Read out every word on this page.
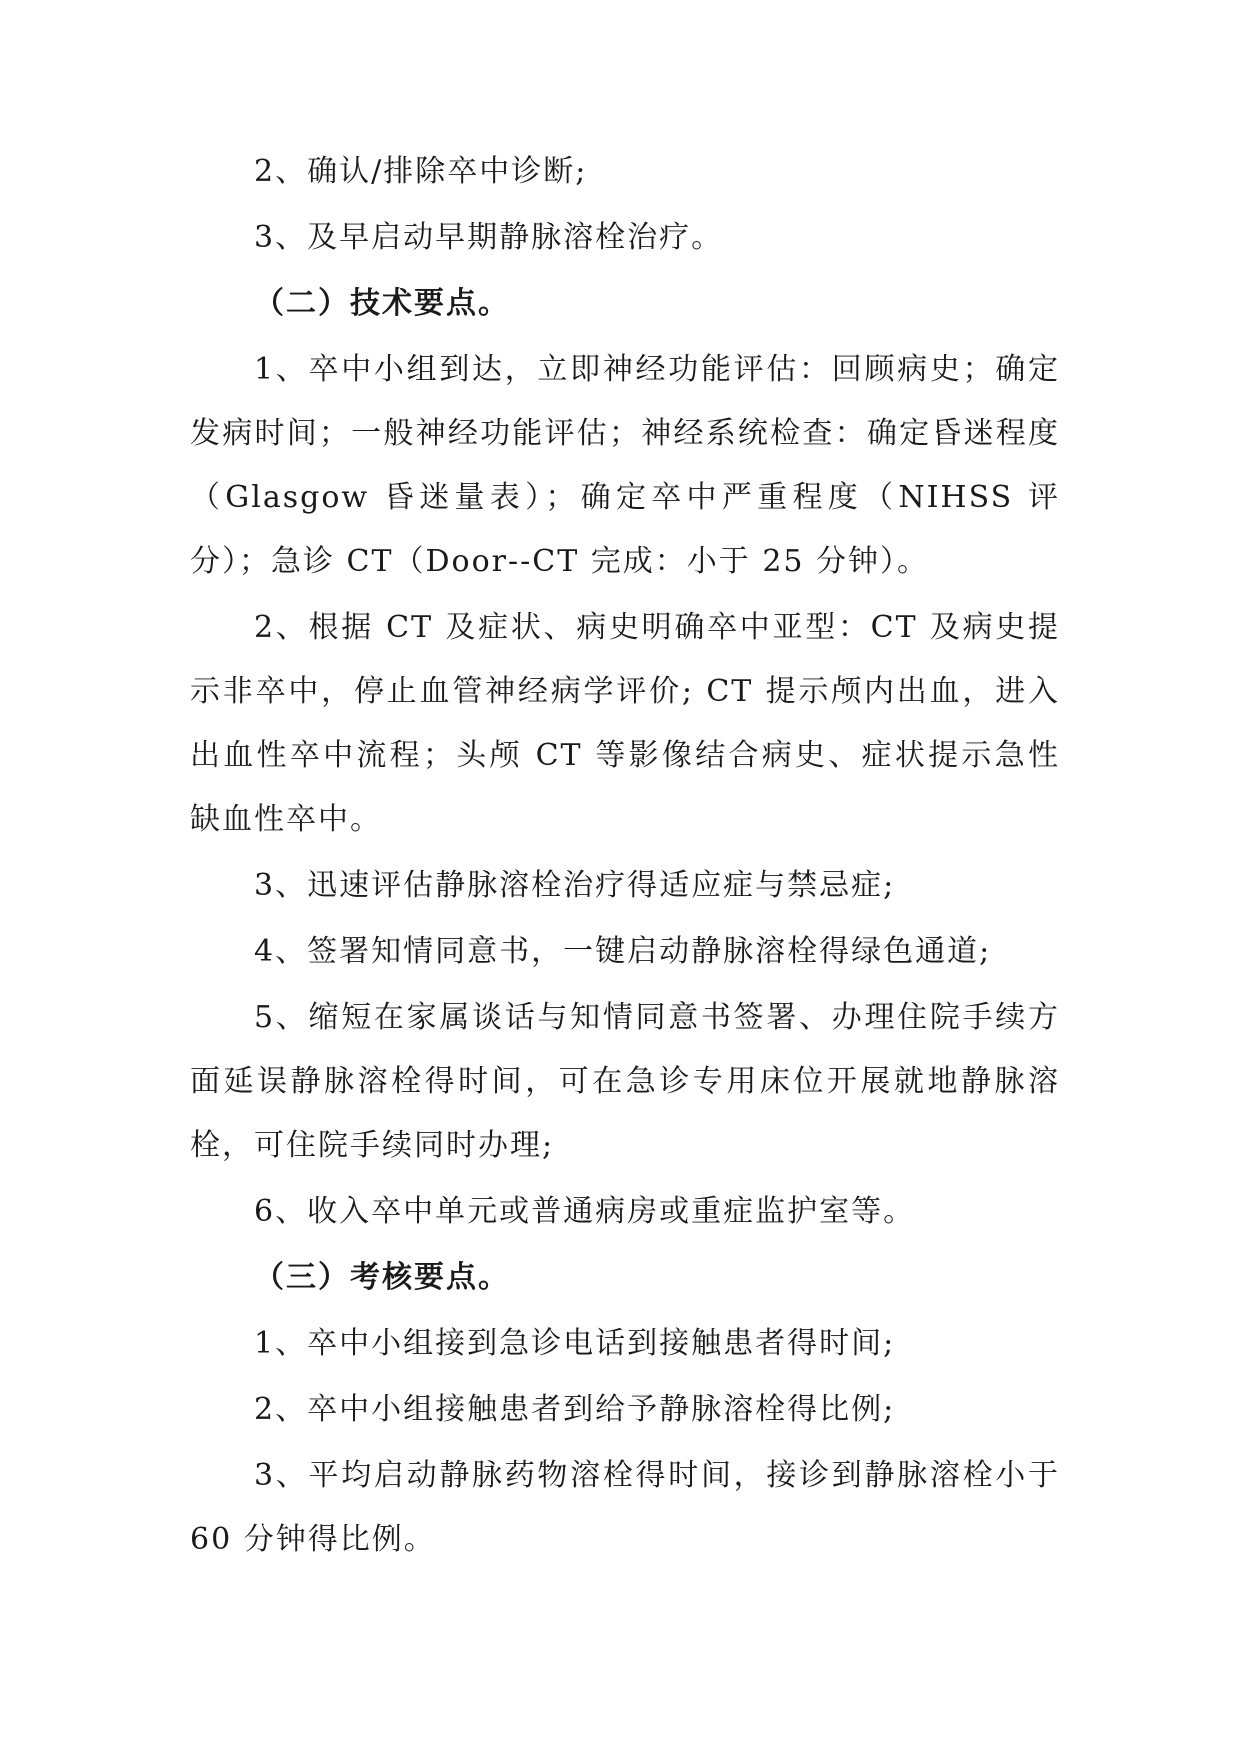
2、确认/排除卒中诊断;

3、及早启动早期静脉溶栓治疗。

（二）技术要点。

1、卒中小组到达，立即神经功能评估：回顾病史；确定发病时间；一般神经功能评估；神经系统检查：确定昏迷程度（Glasgow 昏迷量表）；确定卒中严重程度（NIHSS 评分）；急诊 CT（Door--CT 完成：小于 25 分钟）。

2、根据 CT 及症状、病史明确卒中亚型：CT 及病史提示非卒中，停止血管神经病学评价; CT 提示颅内出血，进入出血性卒中流程；头颅 CT 等影像结合病史、症状提示急性缺血性卒中。

3、迅速评估静脉溶栓治疗得适应症与禁忌症;

4、签署知情同意书，一键启动静脉溶栓得绿色通道;

5、缩短在家属谈话与知情同意书签署、办理住院手续方面延误静脉溶栓得时间，可在急诊专用床位开展就地静脉溶栓，可住院手续同时办理;

6、收入卒中单元或普通病房或重症监护室等。

（三）考核要点。

1、卒中小组接到急诊电话到接触患者得时间;

2、卒中小组接触患者到给予静脉溶栓得比例;

3、平均启动静脉药物溶栓得时间，接诊到静脉溶栓小于 60 分钟得比例。
